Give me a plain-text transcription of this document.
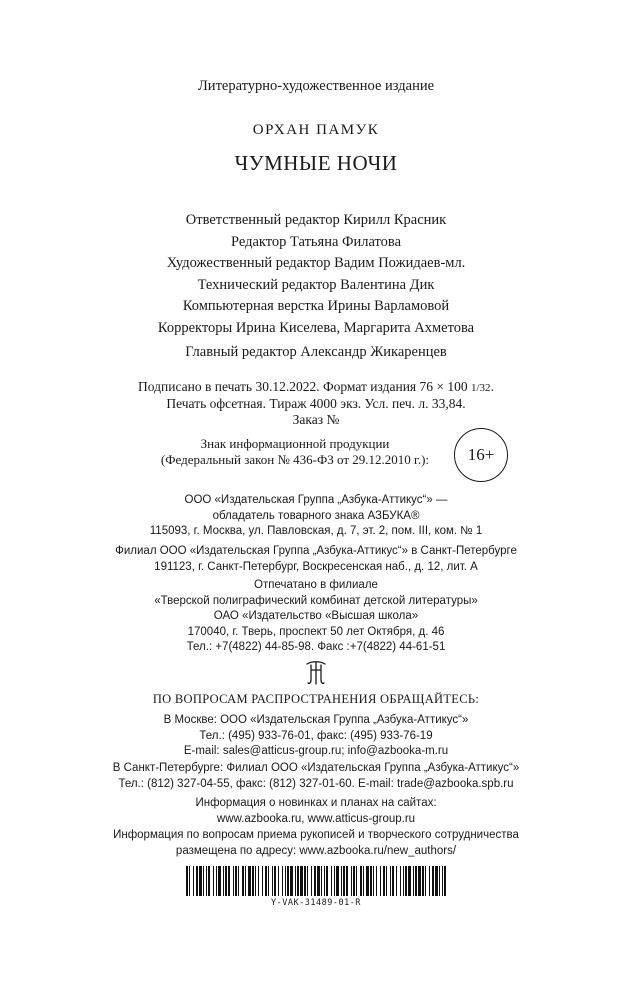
Литературно-художественное издание
ОРХАН ПАМУК
ЧУМНЫЕ НОЧИ
Ответственный редактор Кирилл Красник
Редактор Татьяна Филатова
Художественный редактор Вадим Пожидаев-мл.
Технический редактор Валентина Дик
Компьютерная верстка Ирины Варламовой
Корректоры Ирина Киселева, Маргарита Ахметова
Главный редактор Александр Жикаренцев
Подписано в печать 30.12.2022. Формат издания 76 × 100 1/32.
Печать офсетная. Тираж 4000 экз. Усл. печ. л. 33,84.
Заказ №
Знак информационной продукции
(Федеральный закон № 436-ФЗ от 29.12.2010 г.):	16+
ООО «Издательская Группа „Азбука-Аттикус“» —
обладатель товарного знака АЗБУКА®
115093, г. Москва, ул. Павловская, д. 7, эт. 2, пом. III, ком. № 1
Филиал ООО «Издательская Группа „Азбука-Аттикус“» в Санкт-Петербурге
191123, г. Санкт-Петербург, Воскресенская наб., д. 12, лит. А
Отпечатано в филиале
«Тверской полиграфический комбинат детской литературы»
ОАО «Издательство «Высшая школа»
170040, г. Тверь, проспект 50 лет Октября, д. 46
Тел.: +7(4822) 44-85-98. Факс :+7(4822) 44-61-51
ПО ВОПРОСАМ РАСПРОСТРАНЕНИЯ ОБРАЩАЙТЕСЬ:
В Москве: ООО «Издательская Группа „Азбука-Аттикус“»
Тел.: (495) 933-76-01, факс: (495) 933-76-19
E-mail: sales@atticus-group.ru; info@azbooka-m.ru
В Санкт-Петербурге: Филиал ООО «Издательская Группа „Азбука-Аттикус“»
Тел.: (812) 327-04-55, факс: (812) 327-01-60. E-mail: trade@azbooka.spb.ru
Информация о новинках и планах на сайтах:
www.azbooka.ru, www.atticus-group.ru
Информация по вопросам приема рукописей и творческого сотрудничества
размещена по адресу: www.azbooka.ru/new_authors/
Y-VAK-31489-01-R
